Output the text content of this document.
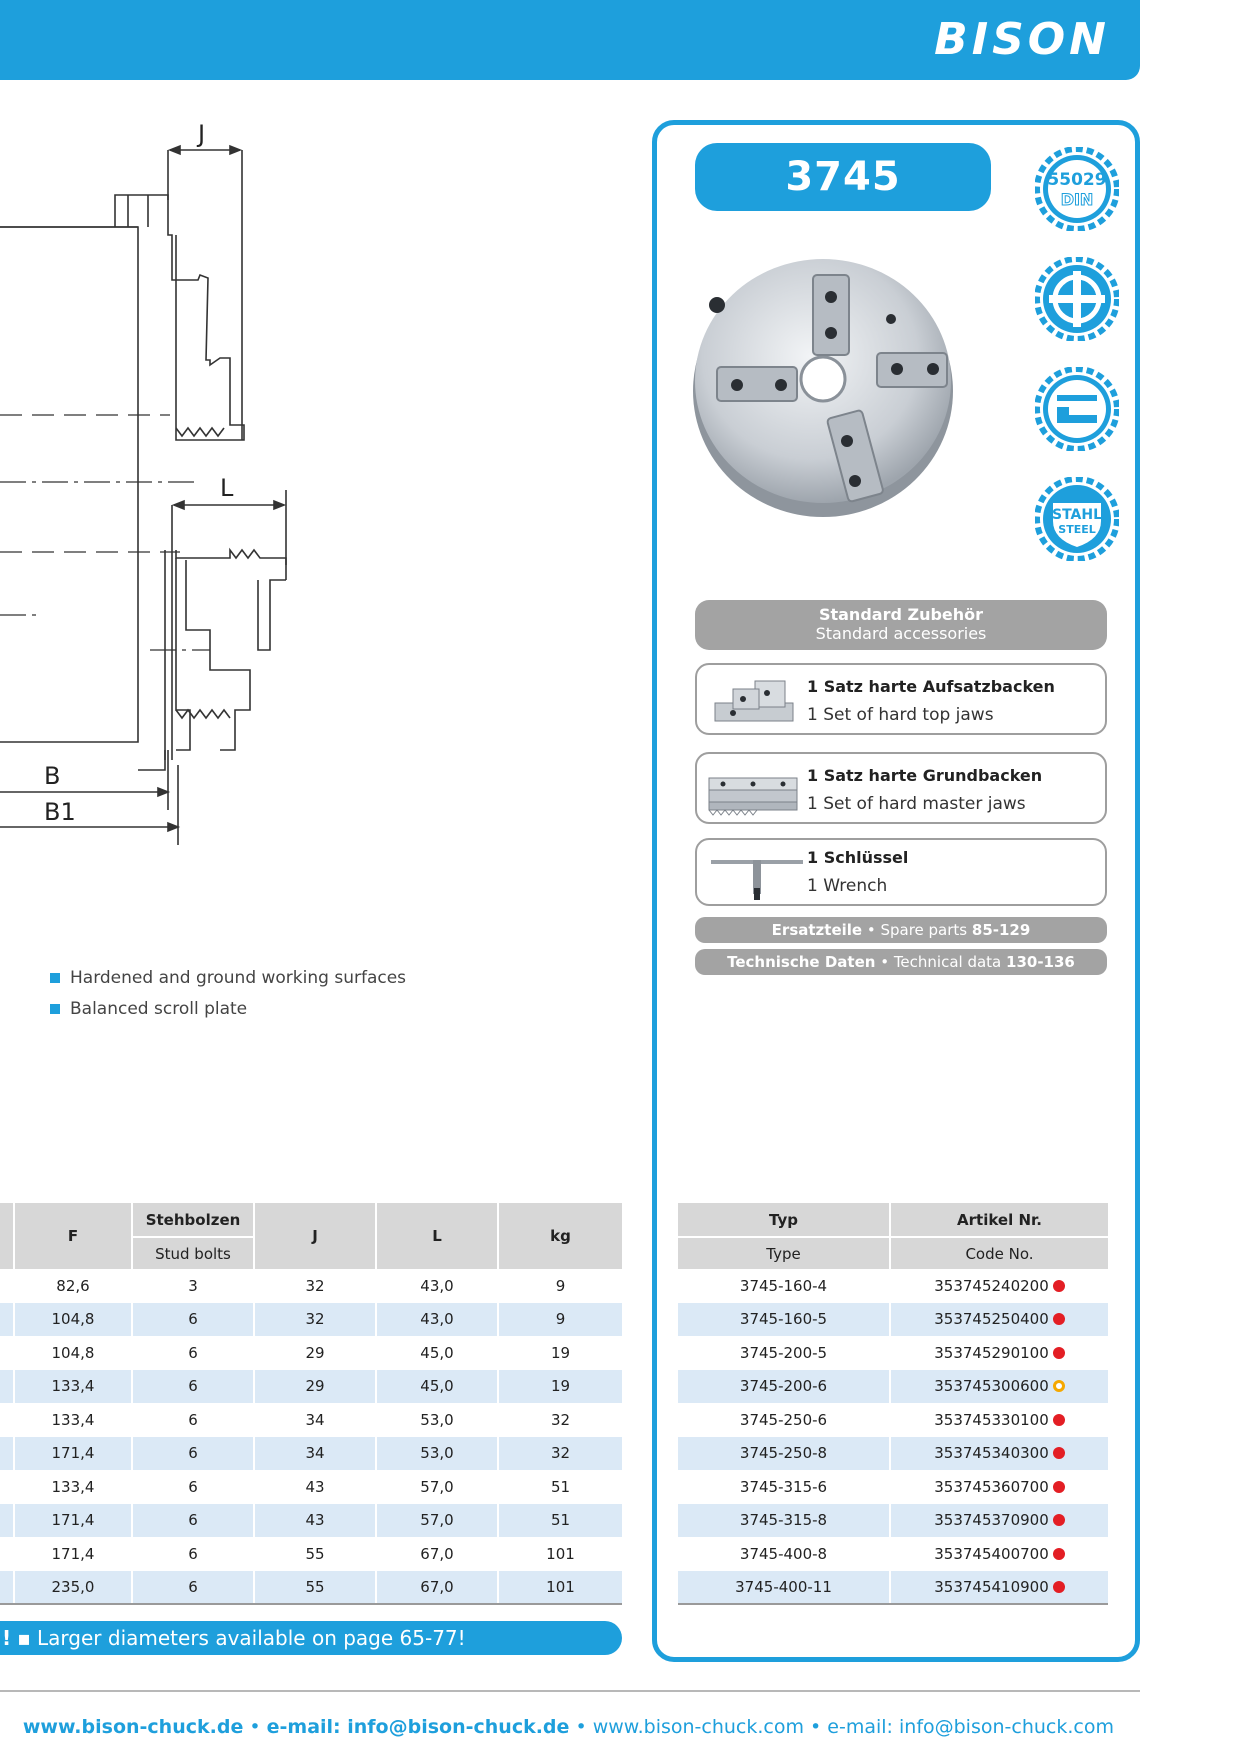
BISON
J
L
B
B1
Hardened and ground working surfaces
Balanced scroll plate
3745	55029
DIN
STAHL
STEEL
Standard Zubehör
Standard accessories
1 Satz harte Aufsatzbacken
1 Set of hard top jaws
1 Satz harte Grundbacken
1 Set of hard master jaws
1 Schlüssel
1 Wrench
Ersatzteile • Spare parts 85-129
Technische Daten • Technical data 130-136
	F	Stehbolzen	J	L	kg
		Stud bolts			
	82,6	3	32	43,0	9
	104,8	6	32	43,0	9
	104,8	6	29	45,0	19
	133,4	6	29	45,0	19
	133,4	6	34	53,0	32
	171,4	6	34	53,0	32
	133,4	6	43	57,0	51
	171,4	6	43	57,0	51
	171,4	6	55	67,0	101
	235,0	6	55	67,0	101
Typ	Artikel Nr.
Type	Code No.
3745-160-4	353745240200
3745-160-5	353745250400
3745-200-5	353745290100
3745-200-6	353745300600
3745-250-6	353745330100
3745-250-8	353745340300
3745-315-6	353745360700
3745-315-8	353745370900
3745-400-8	353745400700
3745-400-11	353745410900
! ▪ Larger diameters available on page 65-77!
www.bison-chuck.de • e-mail: info@bison-chuck.de • www.bison-chuck.com • e-mail: info@bison-chuck.com
